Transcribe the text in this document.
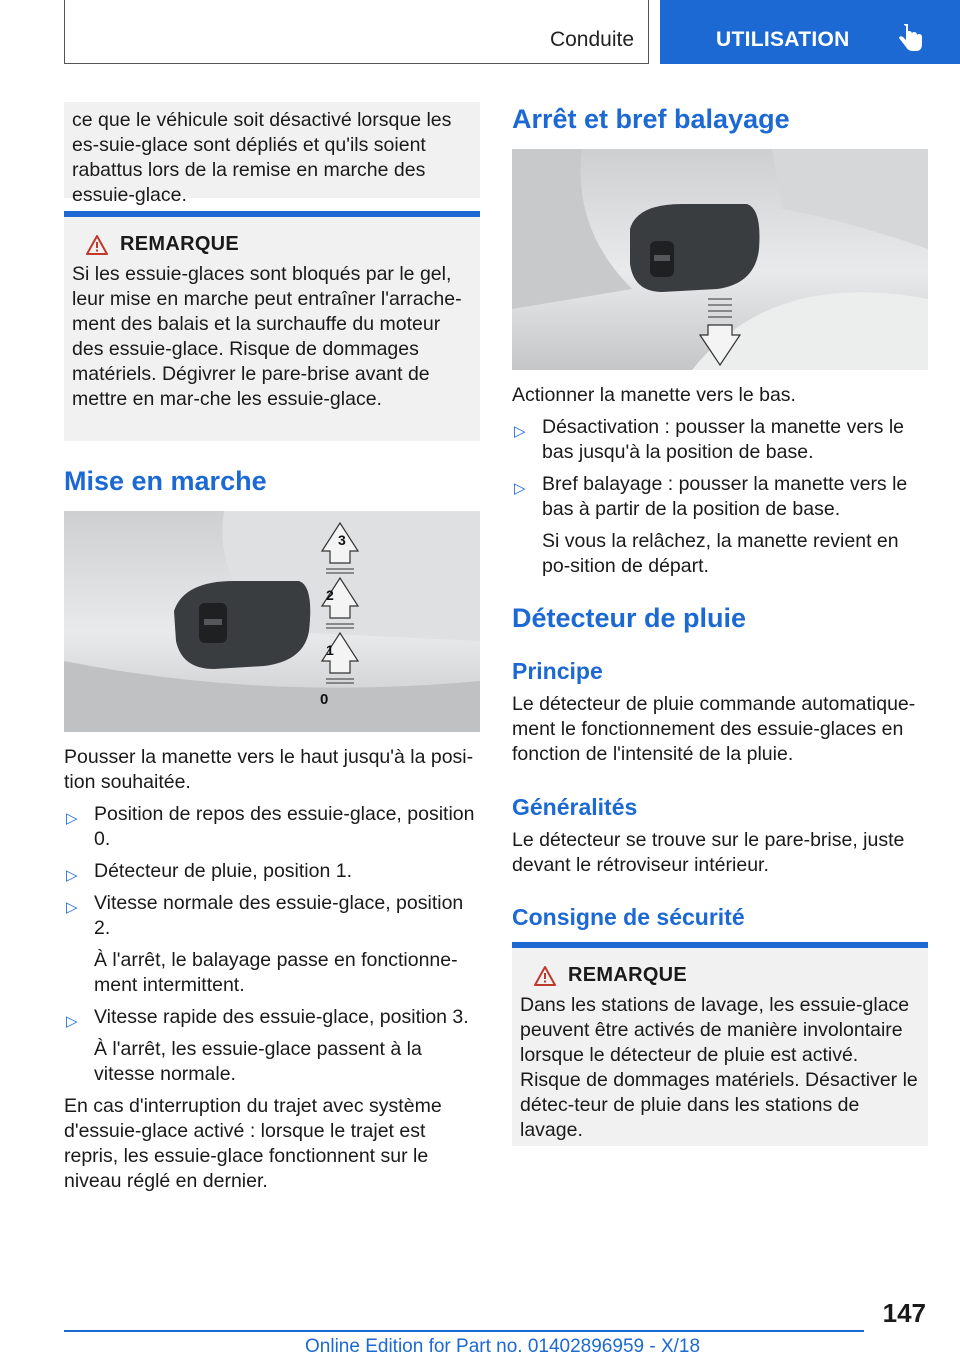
Conduite	UTILISATION

ce que le véhicule soit désactivé lorsque les es-suie-glace sont dépliés et qu'ils soient rabattus lors de la remise en marche des essuie-glace.

REMARQUE

Si les essuie-glaces sont bloqués par le gel, leur mise en marche peut entraîner l'arrache-ment des balais et la surchauffe du moteur des essuie-glace. Risque de dommages matériels. Dégivrer le pare-brise avant de mettre en mar-che les essuie-glace.

Mise en marche
3
2
1
0

Pousser la manette vers le haut jusqu'à la posi-tion souhaitée.

▷ Position de repos des essuie-glace, position 0.
▷ Détecteur de pluie, position 1.
▷ Vitesse normale des essuie-glace, position 2.
À l'arrêt, le balayage passe en fonctionne-ment intermittent.
▷ Vitesse rapide des essuie-glace, position 3.
À l'arrêt, les essuie-glace passent à la vitesse normale.

En cas d'interruption du trajet avec système d'essuie-glace activé : lorsque le trajet est repris, les essuie-glace fonctionnent sur le niveau réglé en dernier.

Arrêt et bref balayage

Actionner la manette vers le bas.

▷ Désactivation : pousser la manette vers le bas jusqu'à la position de base.
▷ Bref balayage : pousser la manette vers le bas à partir de la position de base.
Si vous la relâchez, la manette revient en po-sition de départ.
Détecteur de pluie
Principe

Le détecteur de pluie commande automatique-ment le fonctionnement des essuie-glaces en fonction de l'intensité de la pluie.

Généralités

Le détecteur se trouve sur le pare-brise, juste devant le rétroviseur intérieur.

Consigne de sécurité
REMARQUE

Dans les stations de lavage, les essuie-glace peuvent être activés de manière involontaire lorsque le détecteur de pluie est activé. Risque de dommages matériels. Désactiver le détec-teur de pluie dans les stations de lavage.

147
Online Edition for Part no. 01402896959 - X/18
